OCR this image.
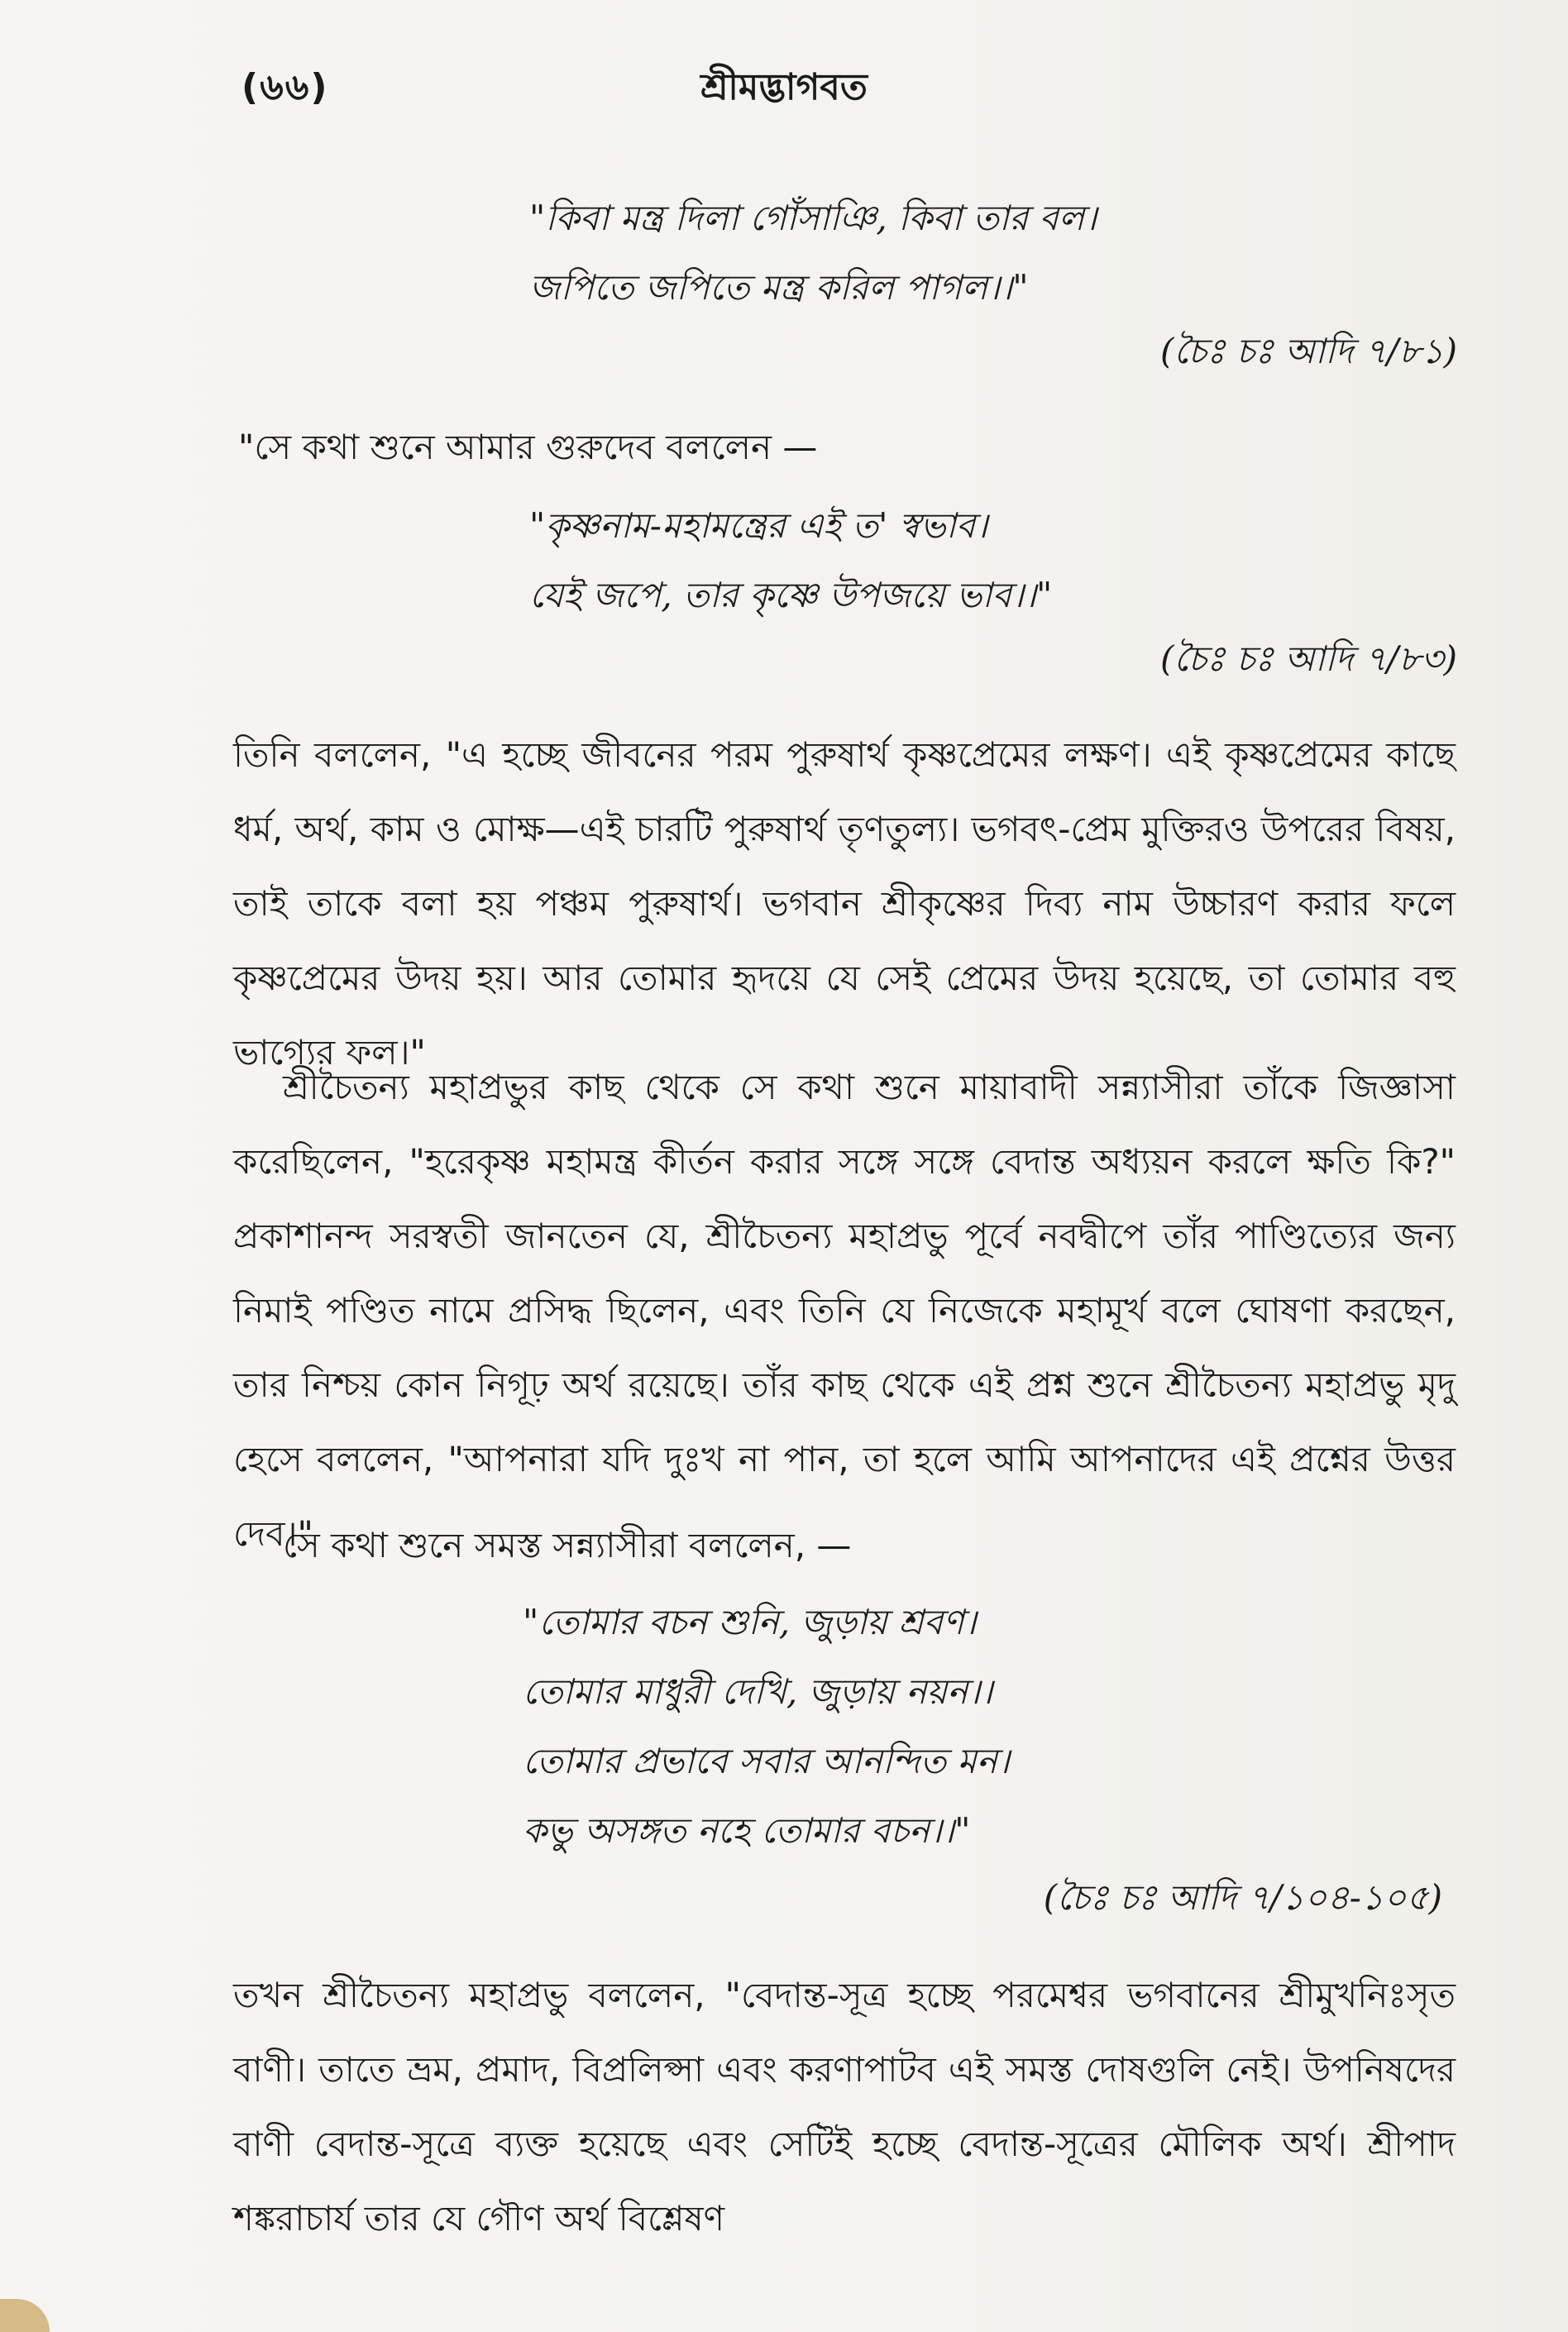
(৬৬)	শ্রীমদ্ভাগবত
"কিবা মন্ত্র দিলা গোঁসাঞি, কিবা তার বল।
জপিতে জপিতে মন্ত্র করিল পাগল।।"
(চৈঃ চঃ আদি ৭/৮১)
"সে কথা শুনে আমার গুরুদেব বললেন —
"কৃষ্ণনাম-মহামন্ত্রের এই ত' স্বভাব।
যেই জপে, তার কৃষ্ণে উপজয়ে ভাব।।"
(চৈঃ চঃ আদি ৭/৮৩)

তিনি বললেন, "এ হচ্ছে জীবনের পরম পুরুষার্থ কৃষ্ণপ্রেমের লক্ষণ। এই কৃষ্ণপ্রেমের কাছে ধর্ম, অর্থ, কাম ও মোক্ষ—এই চারটি পুরুষার্থ তৃণতুল্য। ভগবৎ-প্রেম মুক্তিরও উপরের বিষয়, তাই তাকে বলা হয় পঞ্চম পুরুষার্থ। ভগবান শ্রীকৃষ্ণের দিব্য নাম উচ্চারণ করার ফলে কৃষ্ণপ্রেমের উদয় হয়। আর তোমার হৃদয়ে যে সেই প্রেমের উদয় হয়েছে, তা তোমার বহু ভাগ্যের ফল।"

শ্রীচৈতন্য মহাপ্রভুর কাছ থেকে সে কথা শুনে মায়াবাদী সন্ন্যাসীরা তাঁকে জিজ্ঞাসা করেছিলেন, "হরেকৃষ্ণ মহামন্ত্র কীর্তন করার সঙ্গে সঙ্গে বেদান্ত অধ্যয়ন করলে ক্ষতি কি?" প্রকাশানন্দ সরস্বতী জানতেন যে, শ্রীচৈতন্য মহাপ্রভু পূর্বে নবদ্বীপে তাঁর পাণ্ডিত্যের জন্য নিমাই পণ্ডিত নামে প্রসিদ্ধ ছিলেন, এবং তিনি যে নিজেকে মহামূর্খ বলে ঘোষণা করছেন, তার নিশ্চয় কোন নিগূঢ় অর্থ রয়েছে। তাঁর কাছ থেকে এই প্রশ্ন শুনে শ্রীচৈতন্য মহাপ্রভু মৃদু হেসে বললেন, "আপনারা যদি দুঃখ না পান, তা হলে আমি আপনাদের এই প্রশ্নের উত্তর দেব।"

সে কথা শুনে সমস্ত সন্ন্যাসীরা বললেন, —
"তোমার বচন শুনি, জুড়ায় শ্রবণ।
তোমার মাধুরী দেখি, জুড়ায় নয়ন।।
তোমার প্রভাবে সবার আনন্দিত মন।
কভু অসঙ্গত নহে তোমার বচন।।"
(চৈঃ চঃ আদি ৭/১০৪-১০৫)

তখন শ্রীচৈতন্য মহাপ্রভু বললেন, "বেদান্ত-সূত্র হচ্ছে পরমেশ্বর ভগবানের শ্রীমুখনিঃসৃত বাণী। তাতে ভ্রম, প্রমাদ, বিপ্রলিপ্সা এবং করণাপাটব এই সমস্ত দোষগুলি নেই। উপনিষদের বাণী বেদান্ত-সূত্রে ব্যক্ত হয়েছে এবং সেটিই হচ্ছে বেদান্ত-সূত্রের মৌলিক অর্থ। শ্রীপাদ শঙ্করাচার্য তার যে গৌণ অর্থ বিশ্লেষণ
